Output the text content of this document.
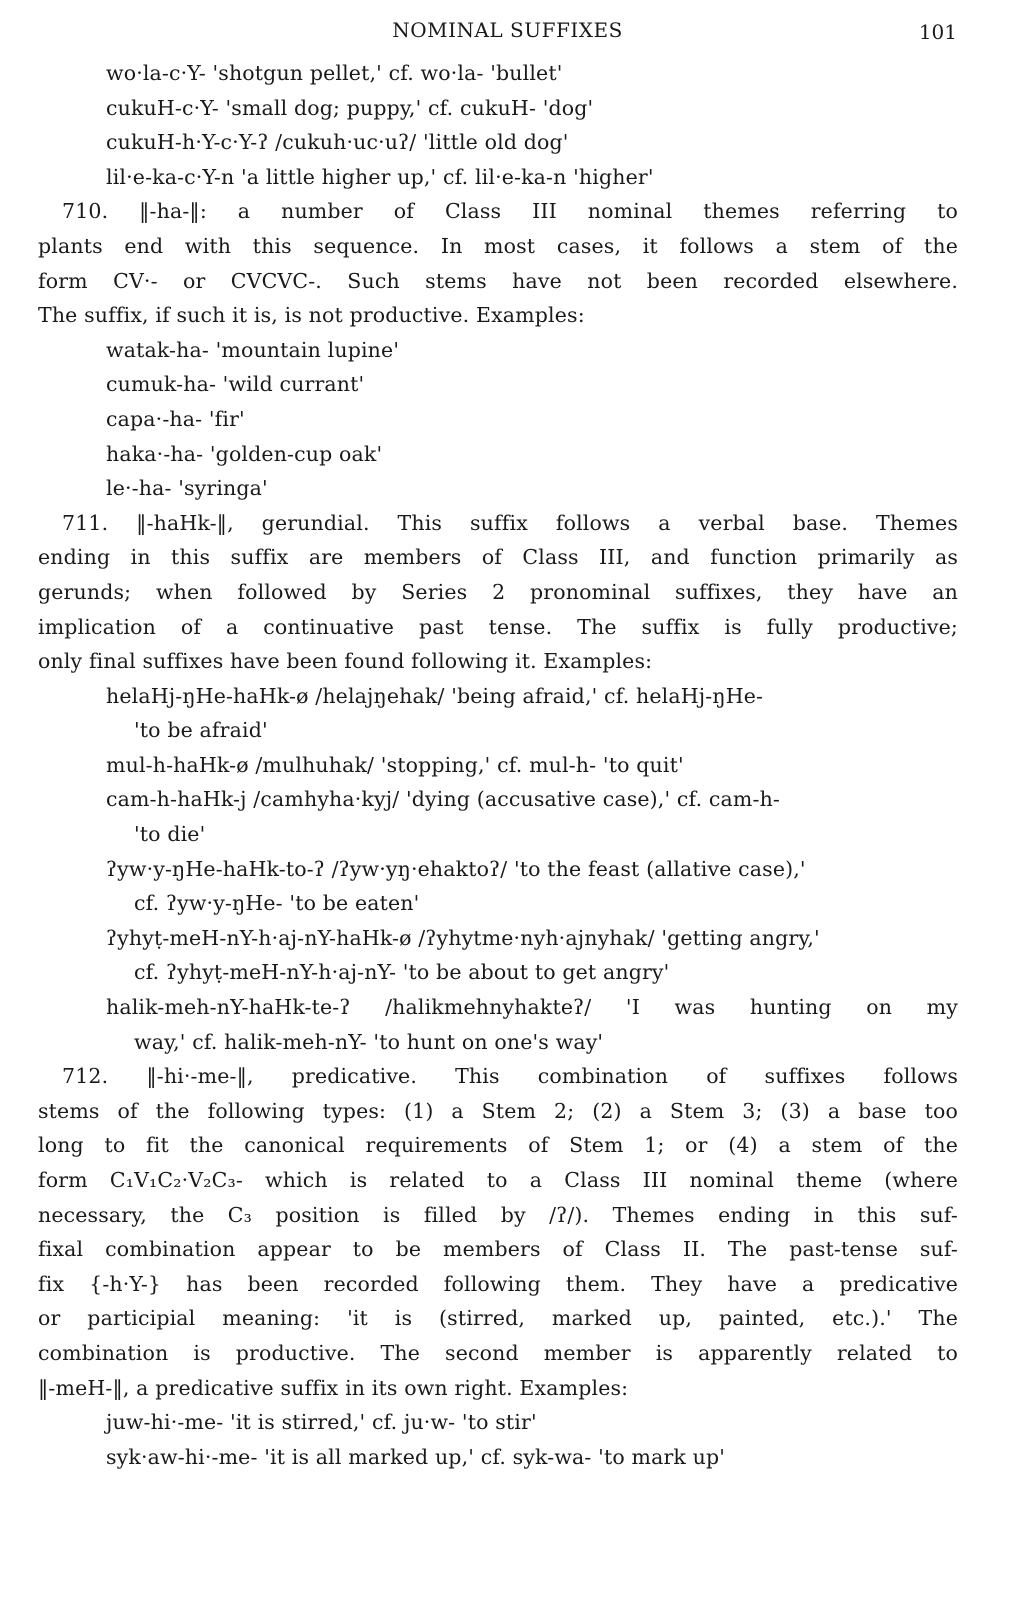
NOMINAL SUFFIXES	101
wo·la-c·Y- 'shotgun pellet,' cf. wo·la- 'bullet'
cukuH-c·Y- 'small dog; puppy,' cf. cukuH- 'dog'
cukuH-h·Y-c·Y-ʔ /cukuh·uc·uʔ/ 'little old dog'
lil·e-ka-c·Y-n 'a little higher up,' cf. lil·e-ka-n 'higher'
710. ‖-ha-‖: a number of Class III nominal themes referring to
plants end with this sequence. In most cases, it follows a stem of the
form CV·- or CVCVC-. Such stems have not been recorded elsewhere.
The suffix, if such it is, is not productive. Examples:
watak-ha- 'mountain lupine'
cumuk-ha- 'wild currant'
capa·-ha- 'fir'
haka·-ha- 'golden-cup oak'
le·-ha- 'syringa'
711. ‖-haHk-‖, gerundial. This suffix follows a verbal base. Themes
ending in this suffix are members of Class III, and function primarily as
gerunds; when followed by Series 2 pronominal suffixes, they have an
implication of a continuative past tense. The suffix is fully productive;
only final suffixes have been found following it. Examples:
helaHj-ŋHe-haHk-ø /helajŋehak/ 'being afraid,' cf. helaHj-ŋHe-
'to be afraid'
mul-h-haHk-ø /mulhuhak/ 'stopping,' cf. mul-h- 'to quit'
cam-h-haHk-j /camhyha·kyj/ 'dying (accusative case),' cf. cam-h-
'to die'
ʔyw·y-ŋHe-haHk-to-ʔ /ʔyw·yŋ·ehaktoʔ/ 'to the feast (allative case),'
cf. ʔyw·y-ŋHe- 'to be eaten'
ʔyhyṭ-meH-nY-h·aj-nY-haHk-ø /ʔyhytme·nyh·ajnyhak/ 'getting angry,'
cf. ʔyhyṭ-meH-nY-h·aj-nY- 'to be about to get angry'
halik-meh-nY-haHk-te-ʔ /halikmehnyhakteʔ/ 'I was hunting on my
way,' cf. halik-meh-nY- 'to hunt on one's way'
712. ‖-hi·-me-‖, predicative. This combination of suffixes follows
stems of the following types: (1) a Stem 2; (2) a Stem 3; (3) a base too
long to fit the canonical requirements of Stem 1; or (4) a stem of the
form C₁V₁C₂·V₂C₃- which is related to a Class III nominal theme (where
necessary, the C₃ position is filled by /ʔ/). Themes ending in this suf-
fixal combination appear to be members of Class II. The past-tense suf-
fix {-h·Y-} has been recorded following them. They have a predicative
or participial meaning: 'it is (stirred, marked up, painted, etc.).' The
combination is productive. The second member is apparently related to
‖-meH-‖, a predicative suffix in its own right. Examples:
juw-hi·-me- 'it is stirred,' cf. ju·w- 'to stir'
syk·aw-hi·-me- 'it is all marked up,' cf. syk-wa- 'to mark up'
